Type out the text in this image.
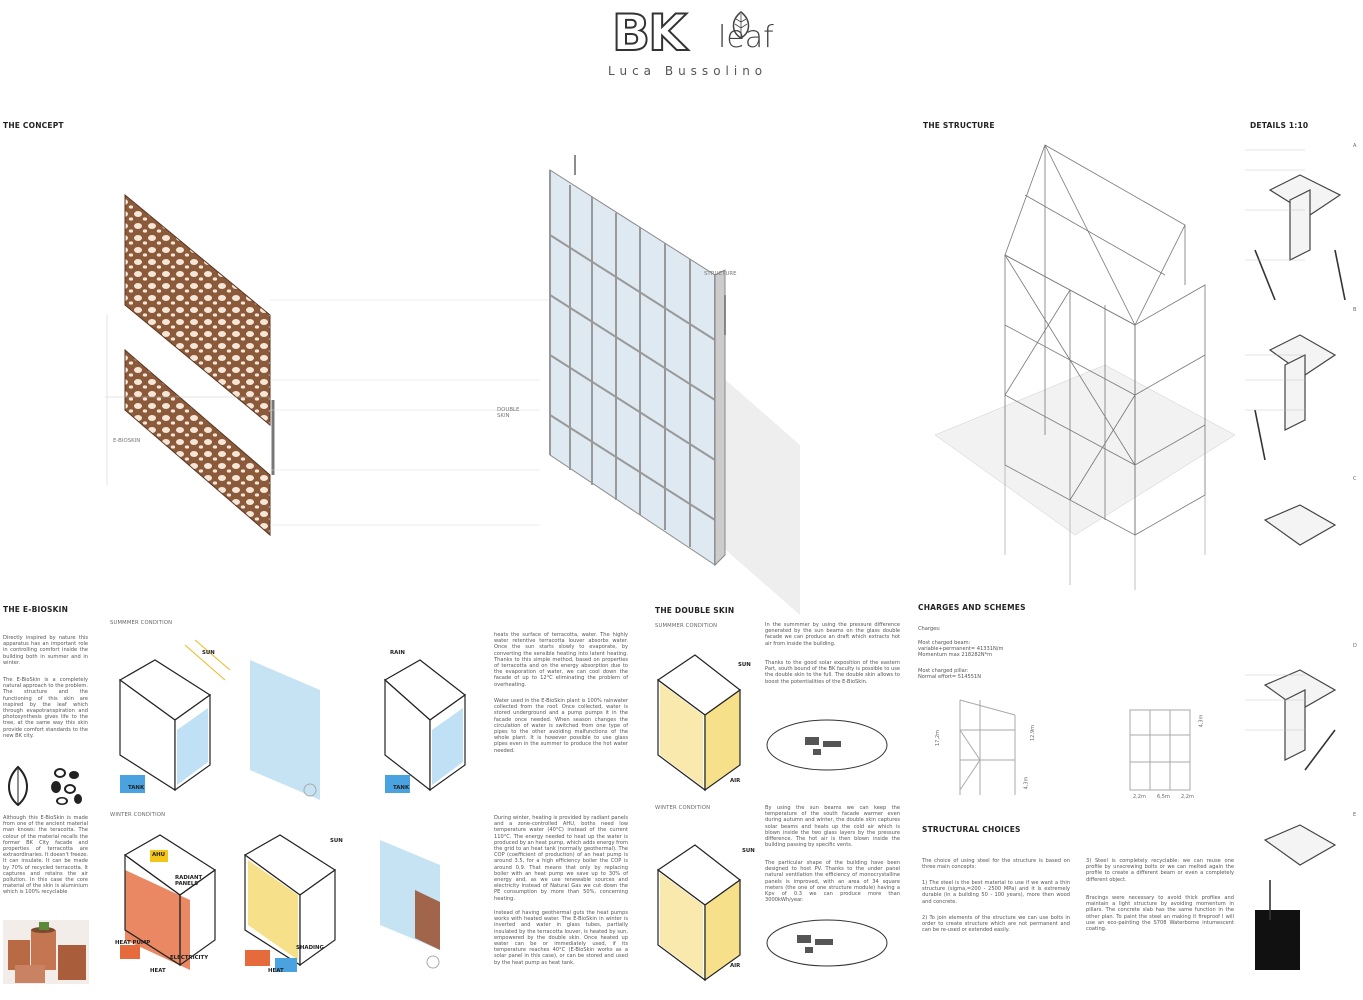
BK leaf
Luca Bussolino
THE CONCEPT	THE STRUCTURE	DETAILS 1:10
THE E-BIOSKIN	THE DOUBLE SKIN	CHARGES AND SCHEMES
STRUCTURAL CHOICES
E-BIOSKIN
STRUCTURE
DOUBLE SKIN
A
B
C
D
E
Directly inspired by nature this apparatus has an important role in controlling comfort inside the building both in summer and in winter.
The E-BioSkin is a completely natural approach to the problem. The structure and the functioning of this skin are inspired by the leaf which through evapotranspiration and photosynthesis gives life to the tree, at the same way this skin provide comfort standards to the new BK city.
Although this E-BioSkin is made from one of the ancient material man knows: the teracotta. The colour of the material recalls the former BK City facade and properties of terracotta are extraordinaries. It doesn't freeze. It can insulate. It can be made by 70% of recycled terracotta. It captures and retains the air pollution. In this case the core material of the skin is aluminium which is 100% recyclable
SUMMMER CONDITION
WINTER CONDITION
SUN	RAIN
TANK	TANK
AHU
RADIANT PANELS
HEAT PUMP
ELECTRICITY
HEAT
SUN
SHADING
HEAT
heats the surface of terracotta, water. The highly water retentive terracotta louver absorbs water. Once the sun starts slowly to evaporate, by converting the sensible heating into latent heating. Thanks to this simple method, based on properties of terracotta and on the energy absorption due to the evaporation of water, we can cool down the facade of up to 12°C eliminating the problem of overheating.
Water used in the E-BioSkin plant is 100% rainwater collected from the roof. Once collected, water is stored underground and a pump pumps it in the facade once needed. When season changes the circulation of water is switched from one type of pipes to the other avoiding malfunctions of the whole plant. It is however possible to use glass pipes even in the summer to produce the hot water needed.
During winter, heating is provided by radiant panels and a zone-controlled AHU, boths need low temperature water (40°C) instead of the current 110°C. The energy needed to heat up the water is produced by an heat pump, which adds energy from the grid to an heat tank (normally geothermal). The COP (coefficient of production) of an heat pump is around 3.5, for a high efficiency boiler the COP is around 0.9. That means that only by replacing boiler with an heat pump we save up to 30% of energy and, as we use renewable sources and electricity instead of Natural Gas we cut down the PE consumption by more than 50%, concerning heating.
Instead of having geothermal guts the heat pumps works with heated water. The E-BioSkin in winter is inverted and water in glass tubes, partially insulated by the terracotta louver, is heated by sun, empowered by the double skin. Once heated up water can be or immediately used, if its temperature reaches 40°C (E-BioSkin works as a solar panel in this case), or can be stored and used by the heat pump as heat tank.
SUMMMER CONDITION
WINTER CONDITION
SUN
AIR
SUN
AIR
In the summmer by using the pressure difference generated by the sun beams on the glass double facade we can produce an draft which extracts hot air from inside the building.
Thanks to the good solar exposition of the eastern Part, south bound of the BK faculty is possible to use the double skin to the full. The double skin allows to boost the potentialities of the E-BioSkin.
By using the sun beams we can keep the temperature of the south facade warmer even during autumn and winter, the double skin captures solar beams and heats up the cold air which is blown inside the two glass layers by the pressure difference. The hot air is then blown inside the building passing by specific vents.
The particular shape of the building have been designed to host PV. Thanks to the under panel natural ventilation the efficiency of monocrystalline panels is improved, with an area of 34 square meters (the one of one structure module) having a Kpv of 0.3 we can produce more than 3000kWh/year.
Charges:
Most charged beam:
variable+permanent= 41331N/m
Momentum max 218282N*m
Most charged pillar:
Normal effort= 514551N
17,2m	12,9m
4,3m
4,3m
2,2m 6,5m 2,2m
The choice of using steel for the structure is based on three main concepts:
1) The steel is the best material to use if we want a thin structure (sigma,=200 - 2500 MPa) and it is extremely durable (in a building 50 - 100 years), more then wood and concrete.
2) To join elements of the structure we can use bolts in order to create structure which are not permanent and can be re-used or extended easily.
3) Steel is completely recyclable: we can reuse one profile by unscrewing bolts or we can melted again the profile to create a different beam or even a completely different object.
Bracings were necessary to avoid thick profiles and maintain a light structure by avoiding momentum in pillars. The concrete slab has the same function in the other plan. To paint the steel an making it fireproof I will use an eco-painting the S708 Waterborne intumescent coating.
